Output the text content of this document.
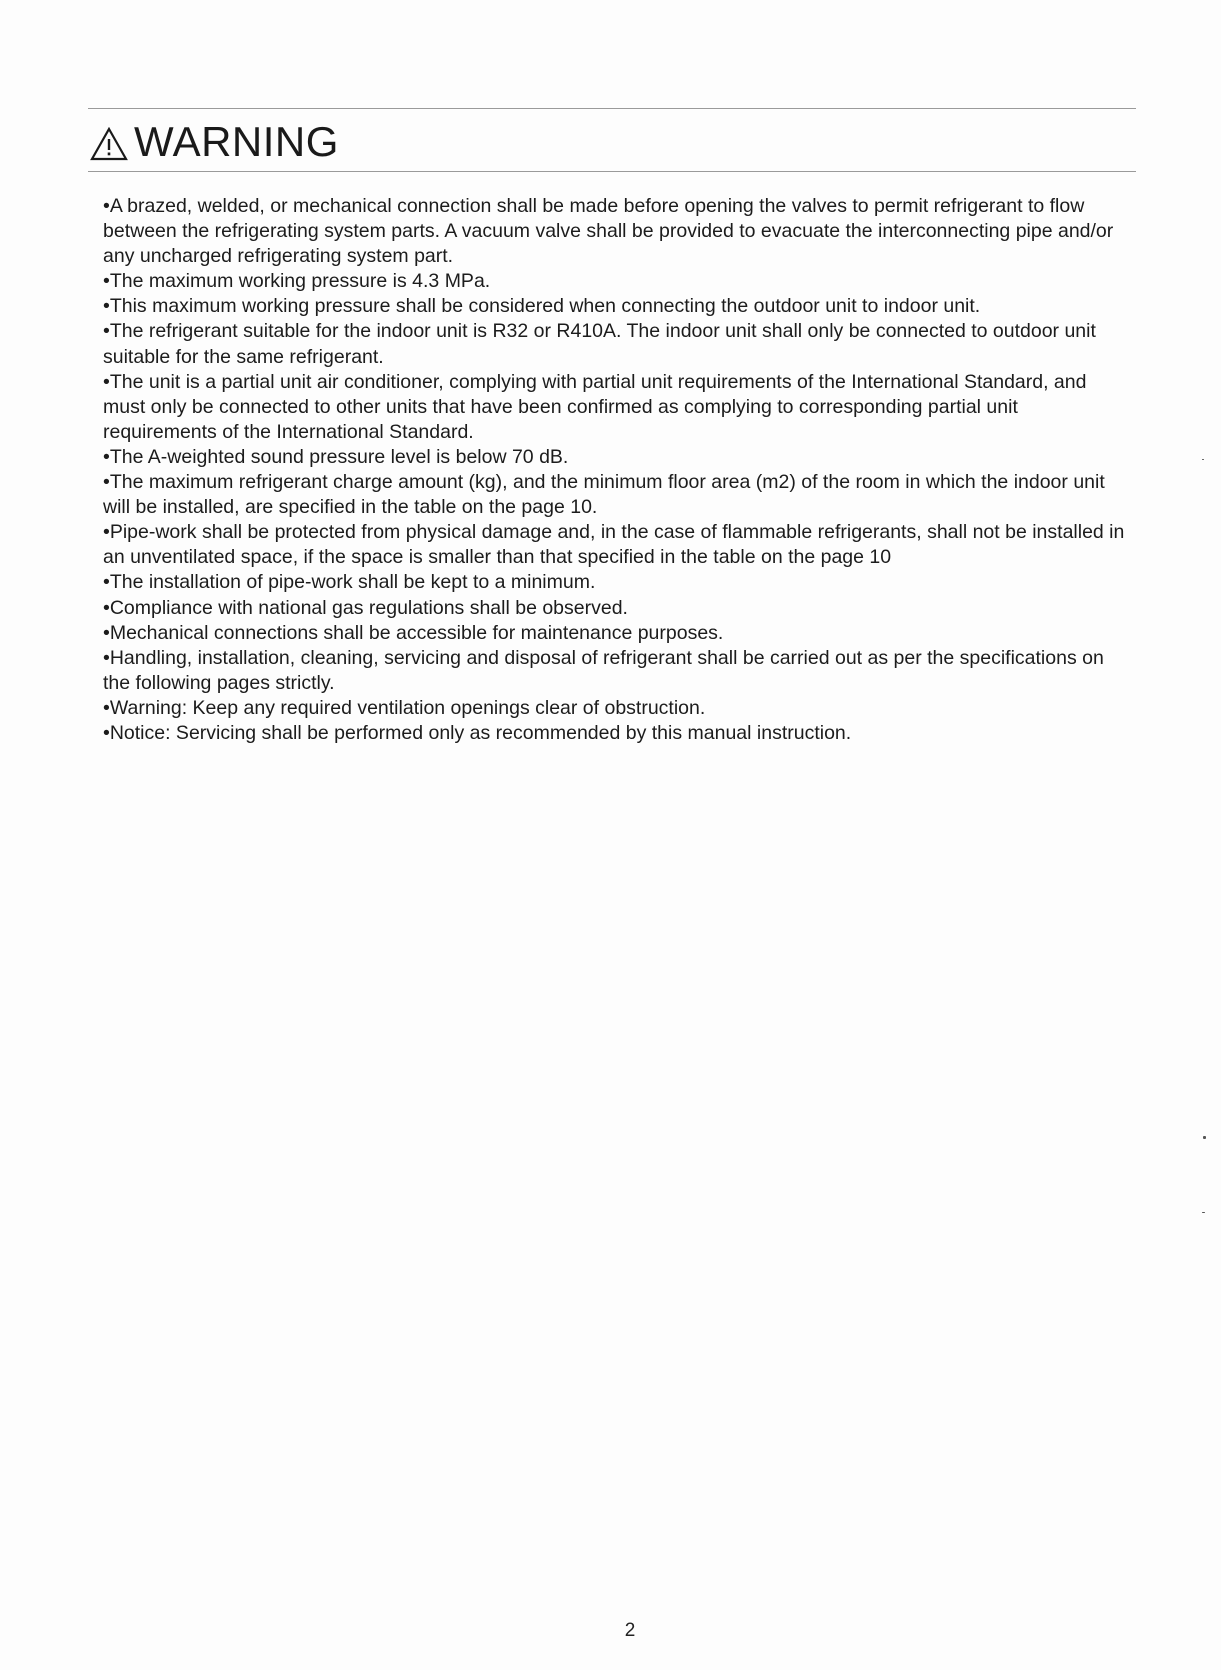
WARNING

•A brazed, welded, or mechanical connection shall be made before opening the valves to permit refrigerant to flow between the refrigerating system parts. A vacuum valve shall be provided to evacuate the interconnecting pipe and/or any uncharged refrigerating system part.

•The maximum working pressure is 4.3 MPa.

•This maximum working pressure shall be considered when connecting the outdoor unit to indoor unit.

•The refrigerant suitable for the indoor unit is R32 or R410A. The indoor unit shall only be connected to outdoor unit suitable for the same refrigerant.

•The unit is a partial unit air conditioner, complying with partial unit requirements of the International Standard, and must only be connected to other units that have been confirmed as complying to corresponding partial unit requirements of the International Standard.

•The A-weighted sound pressure level is below 70 dB.

•The maximum refrigerant charge amount (kg), and the minimum floor area (m2) of the room in which the indoor unit will be installed, are specified in the table on the page 10.

•Pipe-work shall be protected from physical damage and, in the case of flammable refrigerants, shall not be installed in an unventilated space, if the space is smaller than that specified in the table on the page 10

•The installation of pipe-work shall be kept to a minimum.

•Compliance with national gas regulations shall be observed.

•Mechanical connections shall be accessible for maintenance purposes.

•Handling, installation, cleaning, servicing and disposal of refrigerant shall be carried out as per the specifications on the following pages strictly.

•Warning: Keep any required ventilation openings clear of obstruction.

•Notice: Servicing shall be performed only as recommended by this manual instruction.

2
